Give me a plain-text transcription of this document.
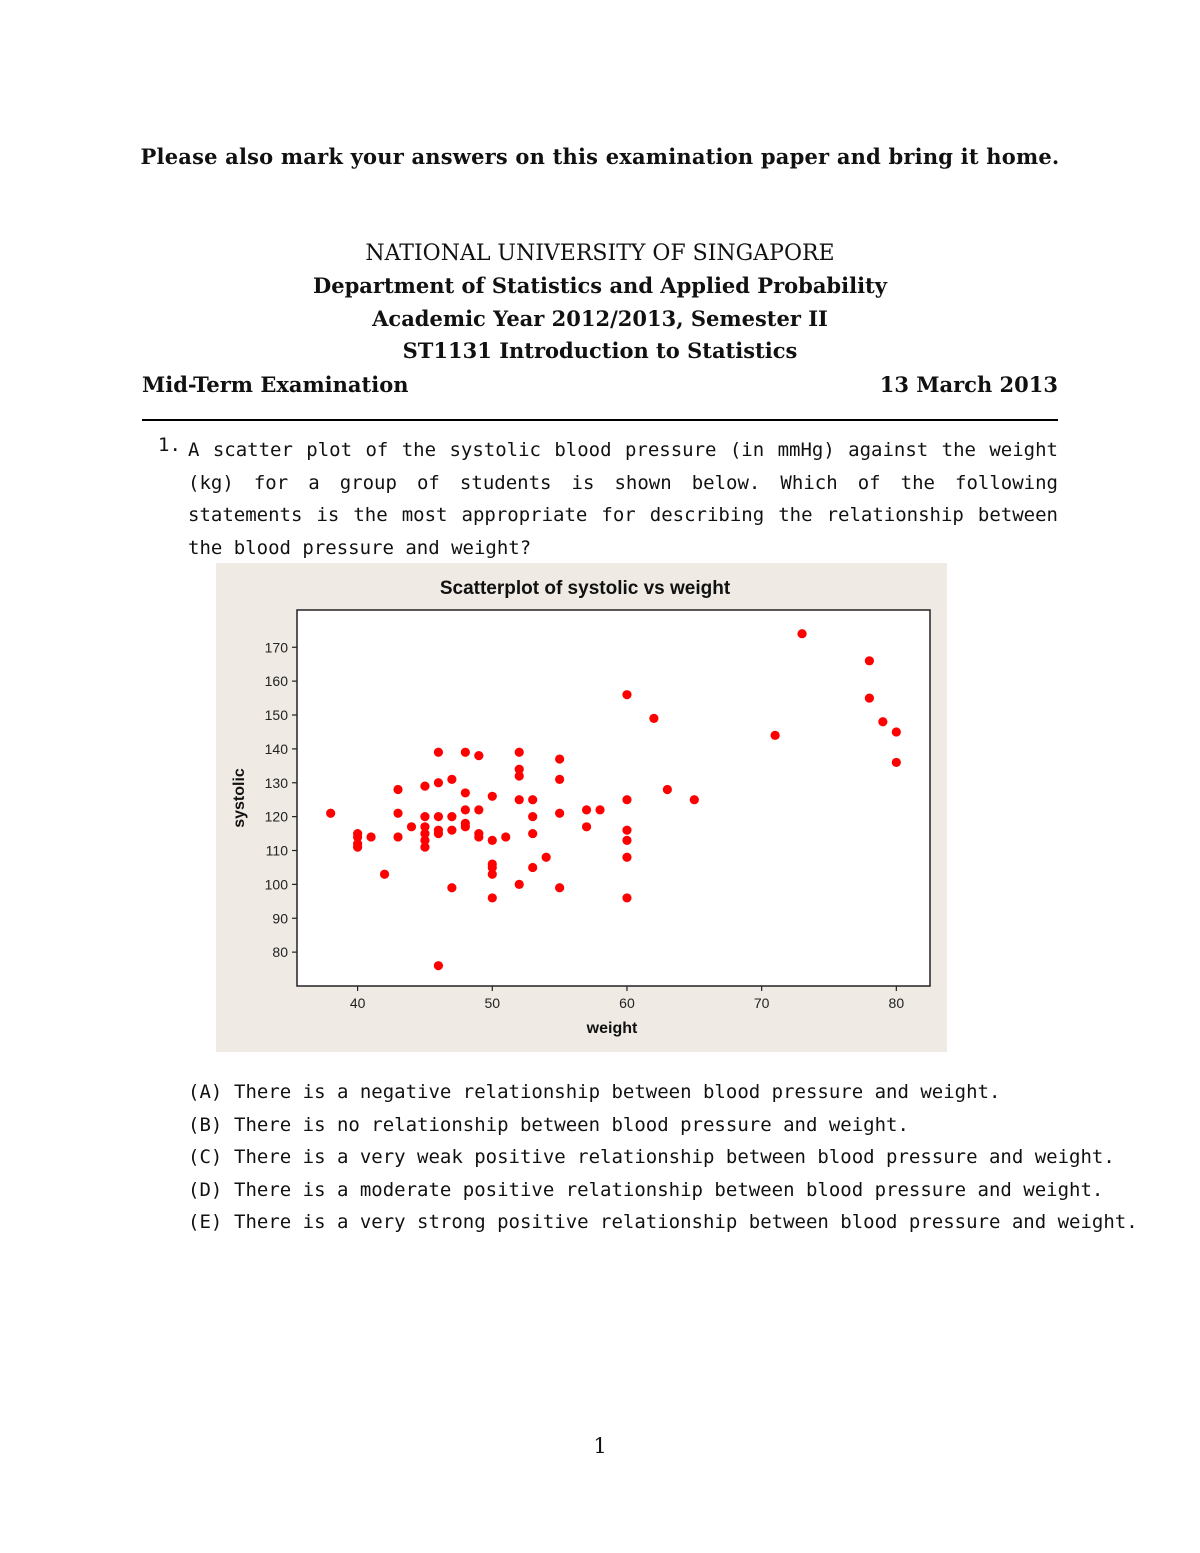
Please also mark your answers on this examination paper and bring it home.
NATIONAL UNIVERSITY OF SINGAPORE
Department of Statistics and Applied Probability
Academic Year 2012/2013, Semester II
ST1131 Introduction to Statistics
Mid-Term Examination	13 March 2013
1. A scatter plot of the systolic blood pressure (in mmHg) against the weight (kg) for a group of students is shown below. Which of the following statements is the most appropriate for describing the relationship between the blood pressure and weight?
Scatterplot of systolic vs weight
40	50	60	70	80
80
90
100
110
120
130
140
150
160
170
weight
systolic
(A) There is a negative relationship between blood pressure and weight.
(B) There is no relationship between blood pressure and weight.
(C) There is a very weak positive relationship between blood pressure and weight.
(D) There is a moderate positive relationship between blood pressure and weight.
(E) There is a very strong positive relationship between blood pressure and weight.
1
